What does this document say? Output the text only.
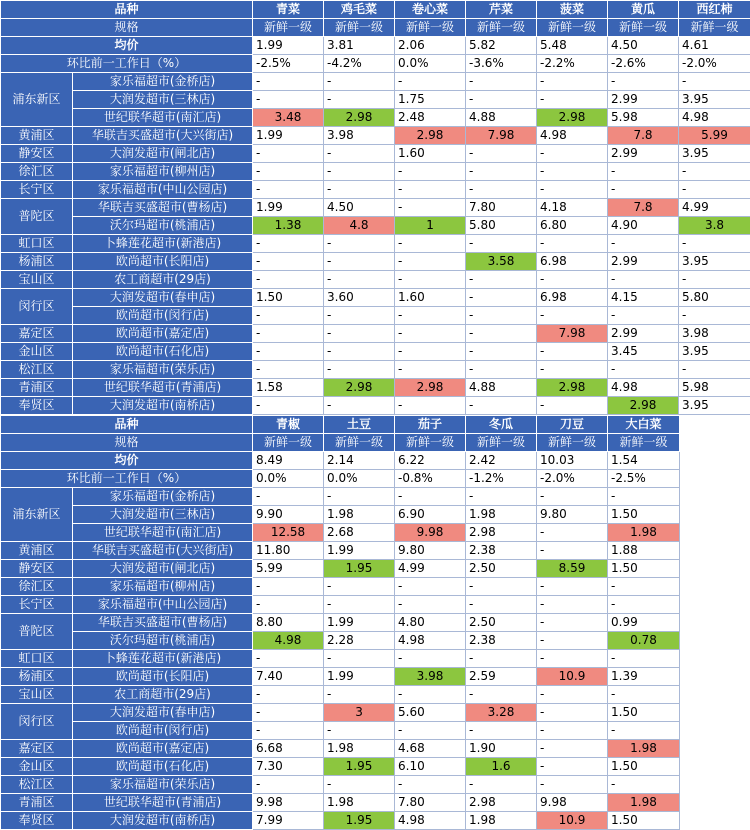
品种		青菜	鸡毛菜	卷心菜	芹菜	菠菜	黄瓜	西红柿
规格		新鲜一级	新鲜一级	新鲜一级	新鲜一级	新鲜一级	新鲜一级	新鲜一级
均价		1.99	3.81	2.06	5.82	5.48	4.50	4.61
环比前一工作日（%）		-2.5%	-4.2%	0.0%	-3.6%	-2.2%	-2.6%	-2.0%
浦东新区	家乐福超市(金桥店)	-	-	-	-	-	-	-
	大润发超市(三林店)	-	-	1.75	-	-	2.99	3.95
	世纪联华超市(南汇店)	3.48	2.98	2.48	4.88	2.98	5.98	4.98
黄浦区	华联吉买盛超市(大兴街店)	1.99	3.98	2.98	7.98	4.98	7.8	5.99
静安区	大润发超市(闸北店)	-	-	1.60	-	-	2.99	3.95
徐汇区	家乐福超市(柳州店)	-	-	-	-	-	-	-
长宁区	家乐福超市(中山公园店)	-	-	-	-	-	-	-
普陀区	华联吉买盛超市(曹杨店)	1.99	4.50	-	7.80	4.18	7.8	4.99
	沃尔玛超市(桃浦店)	1.38	4.8	1	5.80	6.80	4.90	3.8
虹口区	卜蜂莲花超市(新港店)	-	-	-	-	-	-	-
杨浦区	欧尚超市(长阳店)	-	-	-	3.58	6.98	2.99	3.95
宝山区	农工商超市(29店)	-	-	-	-	-	-	-
闵行区	大润发超市(春申店)	1.50	3.60	1.60	-	6.98	4.15	5.80
	欧尚超市(闵行店)	-	-	-	-	-	-	-
嘉定区	欧尚超市(嘉定店)	-	-	-	-	7.98	2.99	3.98
金山区	欧尚超市(石化店)	-	-	-	-	-	3.45	3.95
松江区	家乐福超市(荣乐店)	-	-	-	-	-	-	-
青浦区	世纪联华超市(青浦店)	1.58	2.98	2.98	4.88	2.98	4.98	5.98
奉贤区	大润发超市(南桥店)	-	-	-	-	-	2.98	3.95
品种		青椒	土豆	茄子	冬瓜	刀豆	大白菜
规格		新鲜一级	新鲜一级	新鲜一级	新鲜一级	新鲜一级	新鲜一级
均价		8.49	2.14	6.22	2.42	10.03	1.54
环比前一工作日（%）		0.0%	0.0%	-0.8%	-1.2%	-2.0%	-2.5%
浦东新区	家乐福超市(金桥店)	-	-	-	-	-	-
	大润发超市(三林店)	9.90	1.98	6.90	1.98	9.80	1.50
	世纪联华超市(南汇店)	12.58	2.68	9.98	2.98	-	1.98
黄浦区	华联吉买盛超市(大兴街店)	11.80	1.99	9.80	2.38	-	1.88
静安区	大润发超市(闸北店)	5.99	1.95	4.99	2.50	8.59	1.50
徐汇区	家乐福超市(柳州店)	-	-	-	-	-	-
长宁区	家乐福超市(中山公园店)	-	-	-	-	-	-
普陀区	华联吉买盛超市(曹杨店)	8.80	1.99	4.80	2.50	-	0.99
	沃尔玛超市(桃浦店)	4.98	2.28	4.98	2.38	-	0.78
虹口区	卜蜂莲花超市(新港店)	-	-	-	-	-	-
杨浦区	欧尚超市(长阳店)	7.40	1.99	3.98	2.59	10.9	1.39
宝山区	农工商超市(29店)	-	-	-	-	-	-
闵行区	大润发超市(春申店)	-	3	5.60	3.28	-	1.50
	欧尚超市(闵行店)	-	-	-	-	-	-
嘉定区	欧尚超市(嘉定店)	6.68	1.98	4.68	1.90	-	1.98
金山区	欧尚超市(石化店)	7.30	1.95	6.10	1.6	-	1.50
松江区	家乐福超市(荣乐店)	-	-	-	-	-	-
青浦区	世纪联华超市(青浦店)	9.98	1.98	7.80	2.98	9.98	1.98
奉贤区	大润发超市(南桥店)	7.99	1.95	4.98	1.98	10.9	1.50
